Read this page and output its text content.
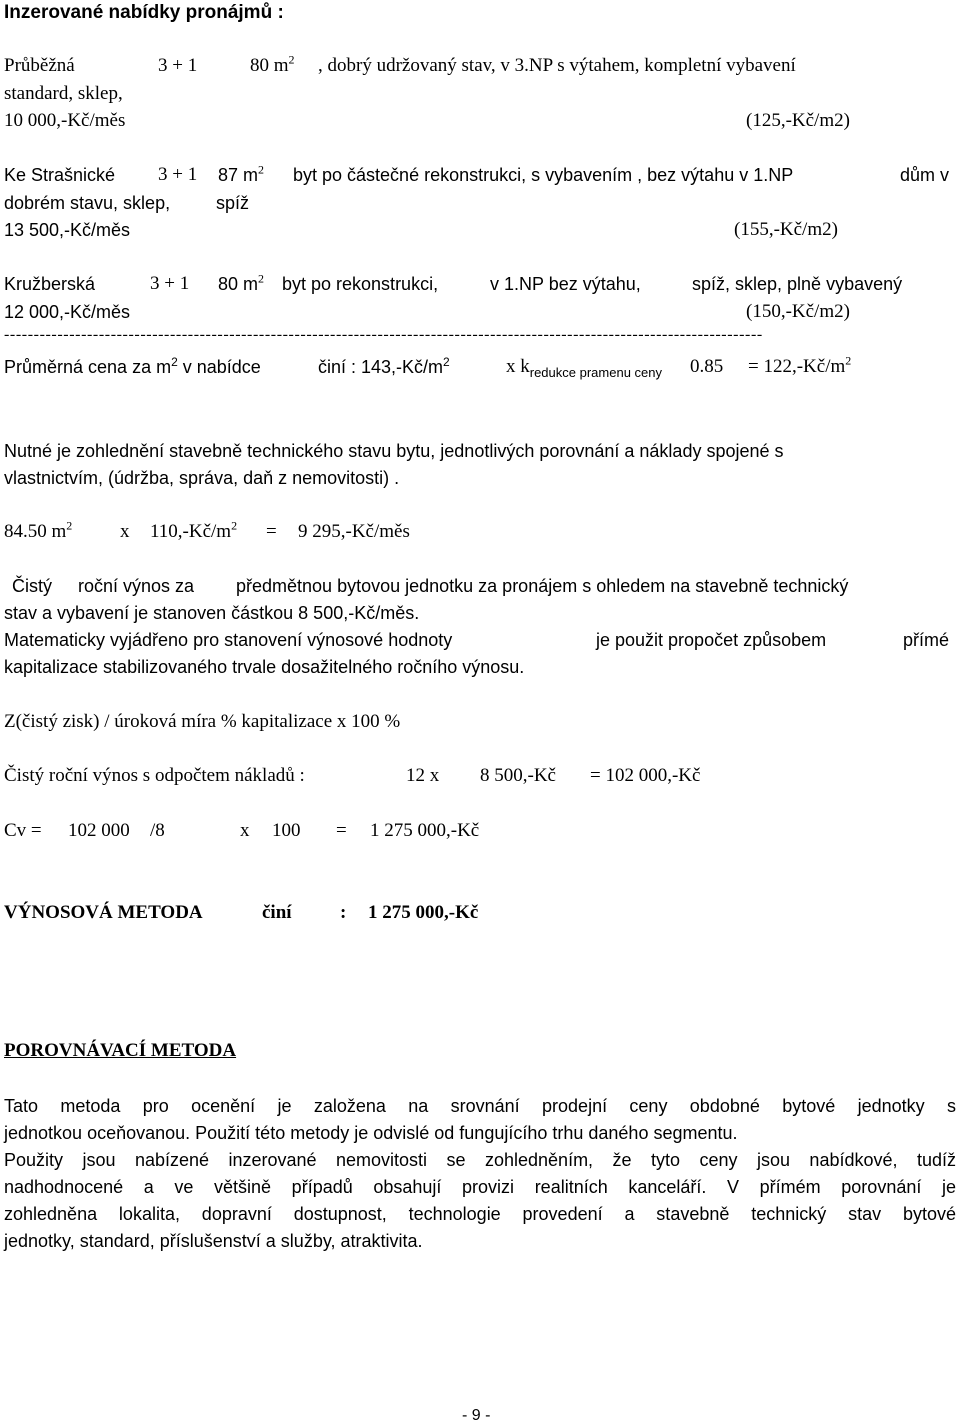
Inzerované nabídky pronájmů :
Průběžná	3 + 1	80 $m^2$ , dobrý udržovaný stav, v 3.NP s výtahem, kompletní vybavení
standard, sklep,
10 000,-Kč/měs	(125,-Kč/m2)
Ke Strašnické 3 + 1 87 $m^2$ byt po částečné rekonstrukci, s vybavením , bez výtahu v 1.NP	dům v
dobrém stavu, sklep,	spíž
13 500,-Kč/měs	(155,-Kč/m2)
Kružberská	3 + 1 80 $m^2$ byt po rekonstrukci,	v 1.NP bez výtahu,	spíž, sklep, plně vybavený
12 000,-Kč/měs	(150,-Kč/m2)
--------------------------------------------------------------------------------------------------------------------------------
Průměrná cena za $m^2$ v nabídce	činí : $143,-Kč/m^2$	x $k_{redukce pramenu ceny}$ $0.85 = 122,-Kč/m^2$
Nutné je zohlednění stavebně technického stavu bytu, jednotlivých porovnání a náklady spojené s
vlastnictvím, (údržba, správa, daň z nemovitosti) .
84.50 $m^2$	x $110,-Kč/m^2 = 9$ 295,-Kč/měs
Čistý roční výnos za předmětnou bytovou jednotku za pronájem s ohledem na stavebně technický
stav a vybavení je stanoven částkou 8 500,-Kč/měs.
Matematicky vyjádřeno pro stanovení výnosové hodnoty	je použit propočet způsobem	přímé
kapitalizace stabilizovaného trvale dosažitelného ročního výnosu.
Z(čistý zisk) / úroková míra % kapitalizace x 100 %
Čistý roční výnos s odpočtem nákladů :	12 x 8 500,-Kč = 102 000,-Kč
Cv = 102 000 /8	x 100 = 1 275 000,-Kč
VÝNOSOVÁ METODA	činí	: 1 275 000,-Kč
POROVNÁVACÍ METODA
Tato metoda pro ocenění je založena na srovnání prodejní ceny obdobné bytové jednotky s
jednotkou oceňovanou. Použití této metody je odvislé od fungujícího trhu daného segmentu.
Použity jsou nabízené inzerované nemovitosti se zohledněním, že tyto ceny jsou nabídkové, tudíž
nadhodnocené a ve většině případů obsahují provizi realitních kanceláří. V přímém porovnání je
zohledněna lokalita, dopravní dostupnost, technologie provedení a stavebně technický stav bytové
jednotky, standard, příslušenství a služby, atraktivita.
- 9 -
